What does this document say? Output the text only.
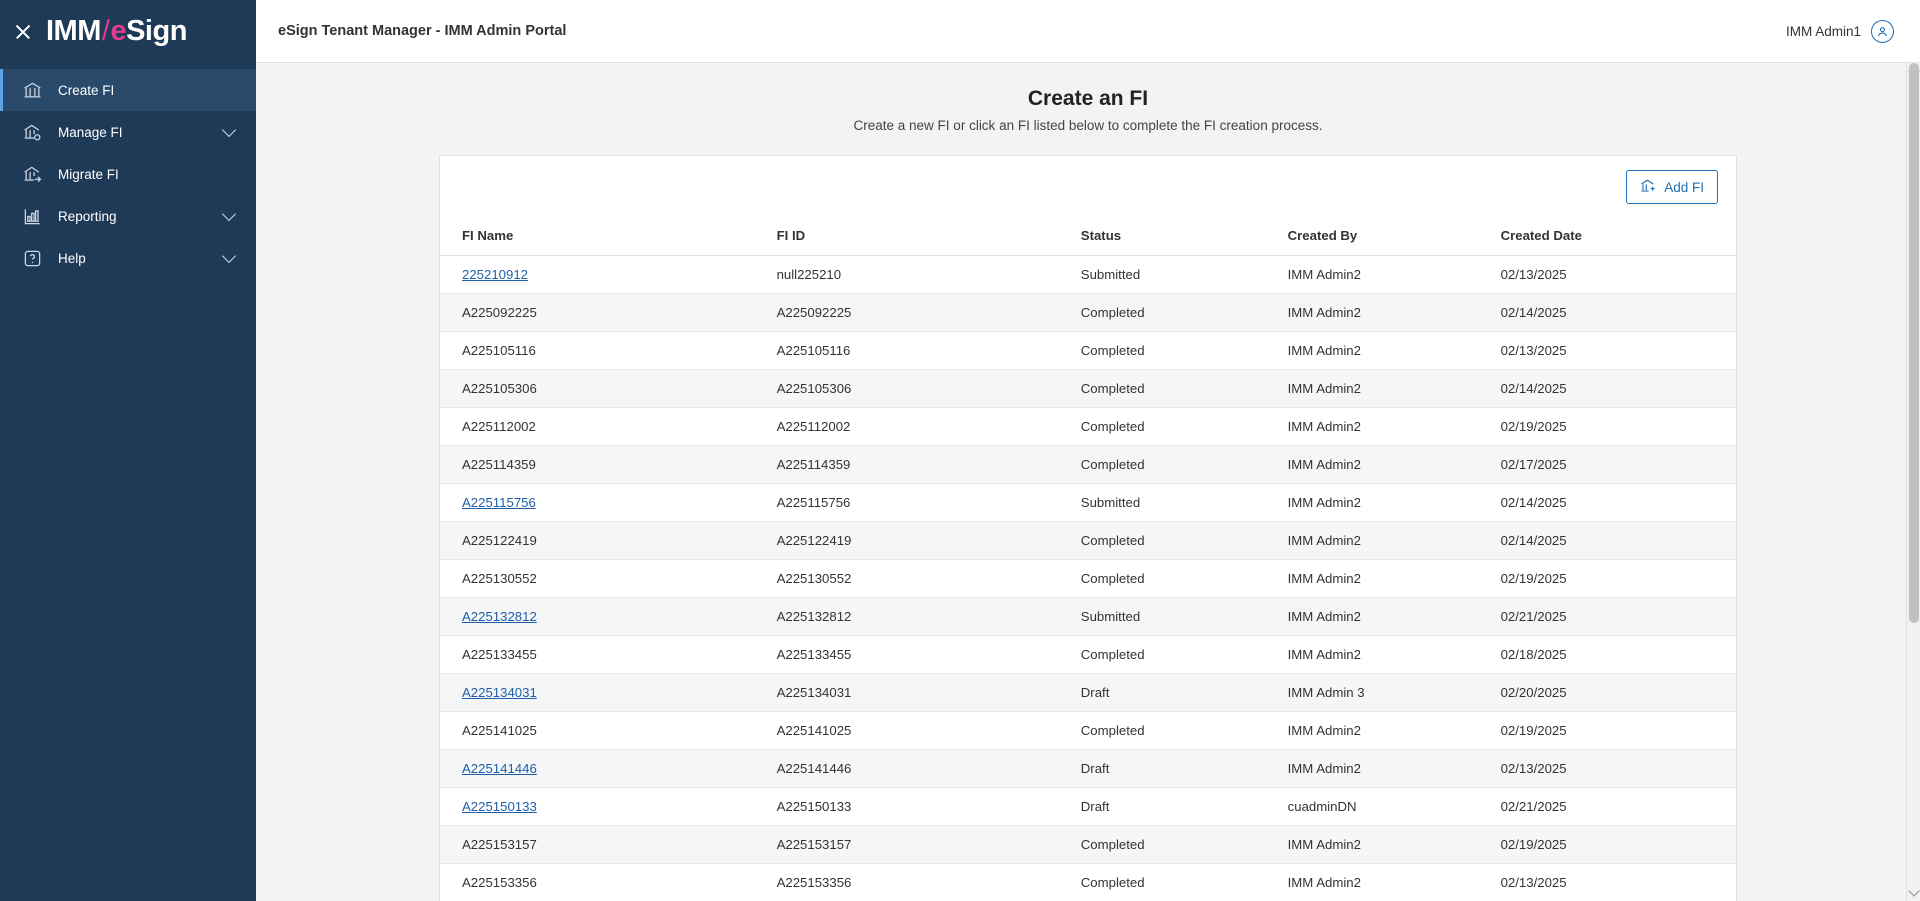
IMM / e Sign
Create FI
Manage FI
Migrate FI
Reporting
Help
eSign Tenant Manager - IMM Admin Portal	IMM Admin1
Create an FI

Create a new FI or click an FI listed below to complete the FI creation process.

Add FI
FI Name	FI ID	Status	Created By	Created Date
225210912	null225210	Submitted	IMM Admin2	02/13/2025
A225092225	A225092225	Completed	IMM Admin2	02/14/2025
A225105116	A225105116	Completed	IMM Admin2	02/13/2025
A225105306	A225105306	Completed	IMM Admin2	02/14/2025
A225112002	A225112002	Completed	IMM Admin2	02/19/2025
A225114359	A225114359	Completed	IMM Admin2	02/17/2025
A225115756	A225115756	Submitted	IMM Admin2	02/14/2025
A225122419	A225122419	Completed	IMM Admin2	02/14/2025
A225130552	A225130552	Completed	IMM Admin2	02/19/2025
A225132812	A225132812	Submitted	IMM Admin2	02/21/2025
A225133455	A225133455	Completed	IMM Admin2	02/18/2025
A225134031	A225134031	Draft	IMM Admin 3	02/20/2025
A225141025	A225141025	Completed	IMM Admin2	02/19/2025
A225141446	A225141446	Draft	IMM Admin2	02/13/2025
A225150133	A225150133	Draft	cuadminDN	02/21/2025
A225153157	A225153157	Completed	IMM Admin2	02/19/2025
A225153356	A225153356	Completed	IMM Admin2	02/13/2025
